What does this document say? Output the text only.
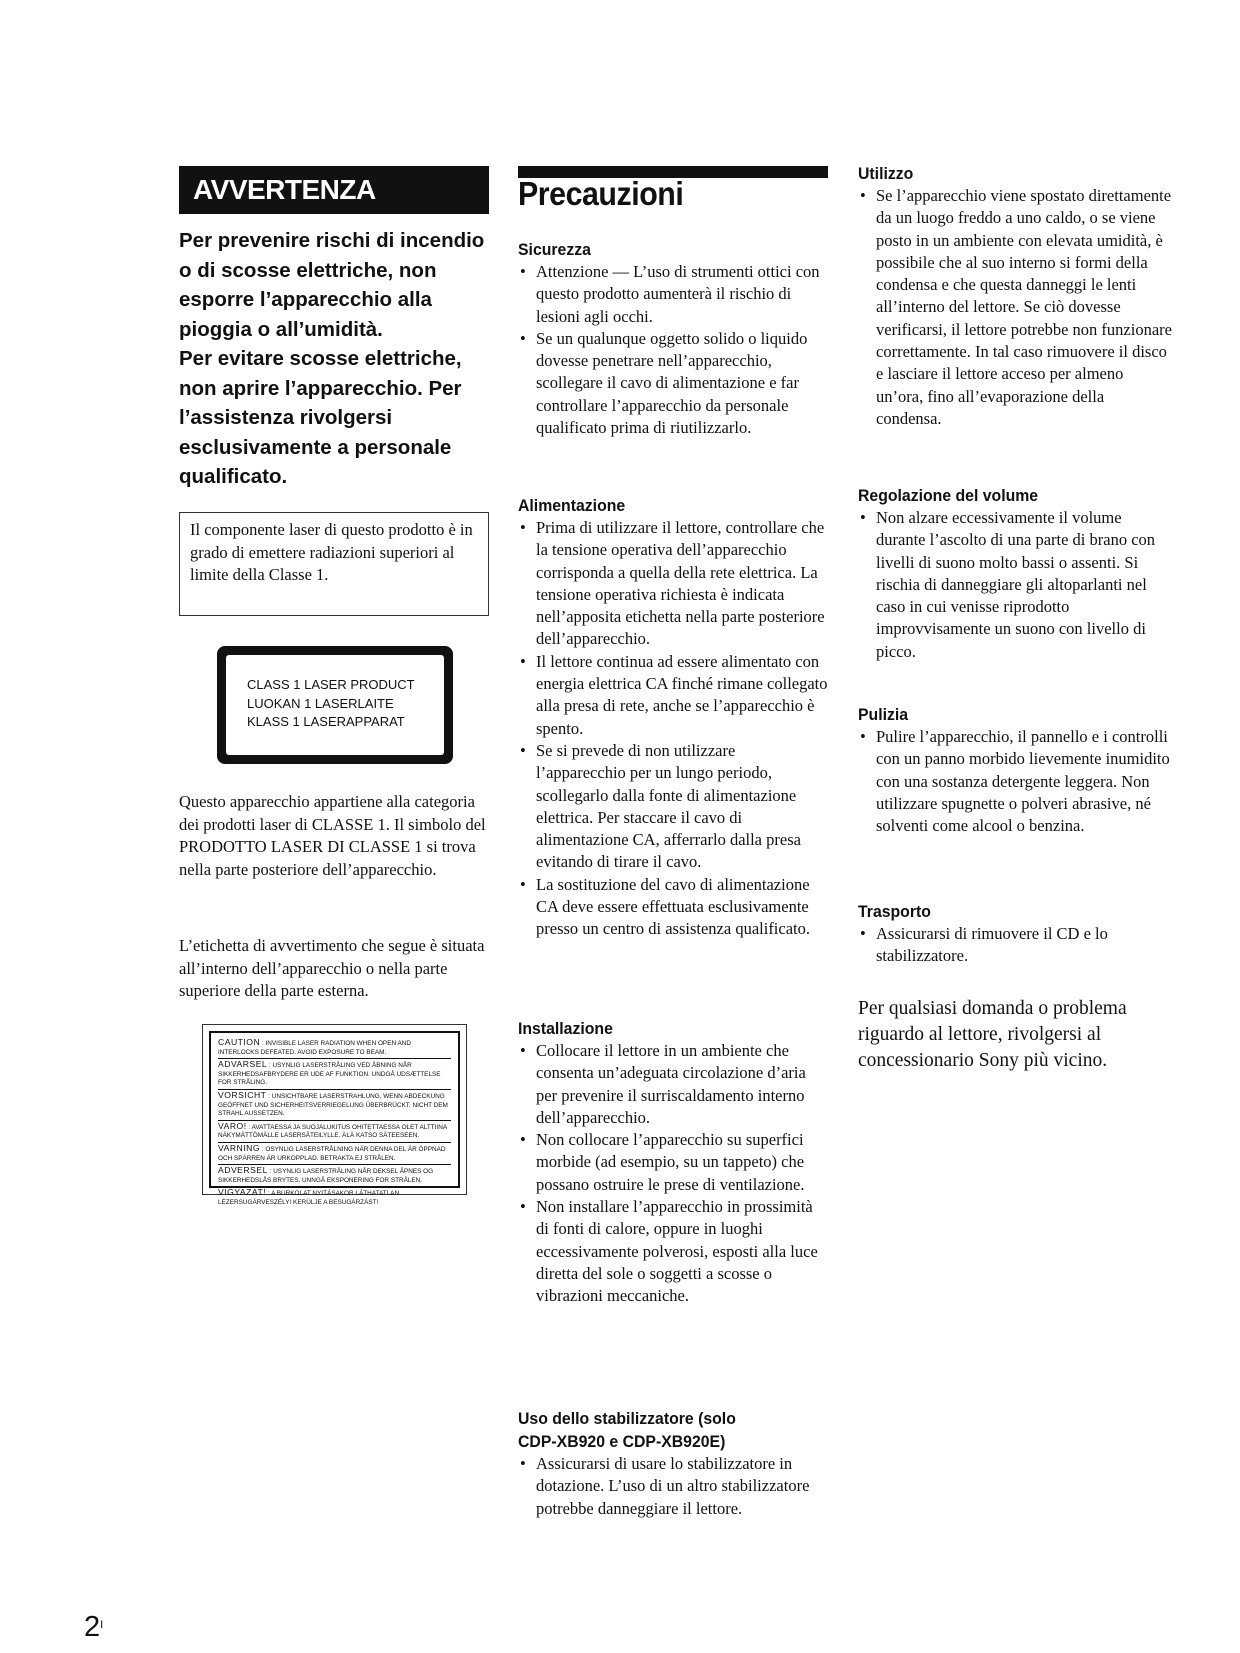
AVVERTENZA

Per prevenire rischi di incendio o di scosse elettriche, non esporre l’apparecchio alla pioggia o all’umidità.

Per evitare scosse elettriche, non aprire l’apparecchio. Per l’assistenza rivolgersi esclusivamente a personale qualificato.

Il componente laser di questo prodotto è in grado di emettere radiazioni superiori al limite della Classe 1.
CLASS 1 LASER PRODUCT
LUOKAN 1 LASERLAITE
KLASS 1 LASERAPPARAT

Questo apparecchio appartiene alla categoria dei prodotti laser di CLASSE 1. Il simbolo del PRODOTTO LASER DI CLASSE 1 si trova nella parte posteriore dell’apparecchio.

L’etichetta di avvertimento che segue è situata all’interno dell’apparecchio o nella parte superiore della parte esterna.

CAUTION : INVISIBLE LASER RADIATION WHEN OPEN AND INTERLOCKS DEFEATED. AVOID EXPOSURE TO BEAM.
ADVARSEL : USYNLIG LASERSTRÅLING VED ÅBNING NÅR SIKKERHEDSAFBRYDERE ER UDE AF FUNKTION. UNDGÅ UDSÆTTELSE FOR STRÅLING.
VORSICHT : UNSICHTBARE LASERSTRAHLUNG, WENN ABDECKUNG GEÖFFNET UND SICHERHEITSVERRIEGELUNG ÜBERBRÜCKT. NICHT DEM STRAHL AUSSETZEN.
VARO! : AVATTAESSA JA SUOJALUKITUS OHITETTAESSA OLET ALTTIINA NÄKYMÄTTÖMÄLLE LASERSÄTEILYLLE. ÄLÄ KATSO SÄTEESEEN.
VARNING : OSYNLIG LASERSTRÅLNING NÄR DENNA DEL ÄR ÖPPNAD OCH SPÄRREN ÄR URKOPPLAD. BETRAKTA EJ STRÅLEN.
ADVERSEL : USYNLIG LASERSTRÅLING NÅR DEKSEL ÅPNES OG SIKKERHEDSLÅS BRYTES. UNNGÅ EKSPONERING FOR STRÅLEN.
VIGYAZAT! : A BURKOLAT NYITÁSAKOR LÁTHATATLAN LÉZERSUGÁRVESZÉLY! KERÜLJE A BESUGÁRZÁST!
Precauzioni
Sicurezza
• Attenzione — L’uso di strumenti ottici con questo prodotto aumenterà il rischio di lesioni agli occhi.
• Se un qualunque oggetto solido o liquido dovesse penetrare nell’apparecchio, scollegare il cavo di alimentazione e far controllare l’apparecchio da personale qualificato prima di riutilizzarlo.
Alimentazione
• Prima di utilizzare il lettore, controllare che la tensione operativa dell’apparecchio corrisponda a quella della rete elettrica. La tensione operativa richiesta è indicata nell’apposita etichetta nella parte posteriore dell’apparecchio.
• Il lettore continua ad essere alimentato con energia elettrica CA finché rimane collegato alla presa di rete, anche se l’apparecchio è spento.
• Se si prevede di non utilizzare l’apparecchio per un lungo periodo, scollegarlo dalla fonte di alimentazione elettrica. Per staccare il cavo di alimentazione CA, afferrarlo dalla presa evitando di tirare il cavo.
• La sostituzione del cavo di alimentazione CA deve essere effettuata esclusivamente presso un centro di assistenza qualificato.
Installazione
• Collocare il lettore in un ambiente che consenta un’adeguata circolazione d’aria per prevenire il surriscaldamento interno dell’apparecchio.
• Non collocare l’apparecchio su superfici morbide (ad esempio, su un tappeto) che possano ostruire le prese di ventilazione.
• Non installare l’apparecchio in prossimità di fonti di calore, oppure in luoghi eccessivamente polverosi, esposti alla luce diretta del sole o soggetti a scosse o vibrazioni meccaniche.
Uso dello stabilizzatore (solo
CDP-XB920 e CDP-XB920E)
• Assicurarsi di usare lo stabilizzatore in dotazione. L’uso di un altro stabilizzatore potrebbe danneggiare il lettore.
Utilizzo
• Se l’apparecchio viene spostato direttamente da un luogo freddo a uno caldo, o se viene posto in un ambiente con elevata umidità, è possibile che al suo interno si formi della condensa e che questa danneggi le lenti all’interno del lettore. Se ciò dovesse verificarsi, il lettore potrebbe non funzionare correttamente. In tal caso rimuovere il disco e lasciare il lettore acceso per almeno un’ora, fino all’evaporazione della condensa.
Regolazione del volume
• Non alzare eccessivamente il volume durante l’ascolto di una parte di brano con livelli di suono molto bassi o assenti. Si rischia di danneggiare gli altoparlanti nel caso in cui venisse riprodotto improvvisamente un suono con livello di picco.
Pulizia
• Pulire l’apparecchio, il pannello e i controlli con un panno morbido lievemente inumidito con una sostanza detergente leggera. Non utilizzare spugnette o polveri abrasive, né solventi come alcool o benzina.
Trasporto
• Assicurarsi di rimuovere il CD e lo stabilizzatore.

Per qualsiasi domanda o problema riguardo al lettore, rivolgersi al concessionario Sony più vicino.

$2^I$
